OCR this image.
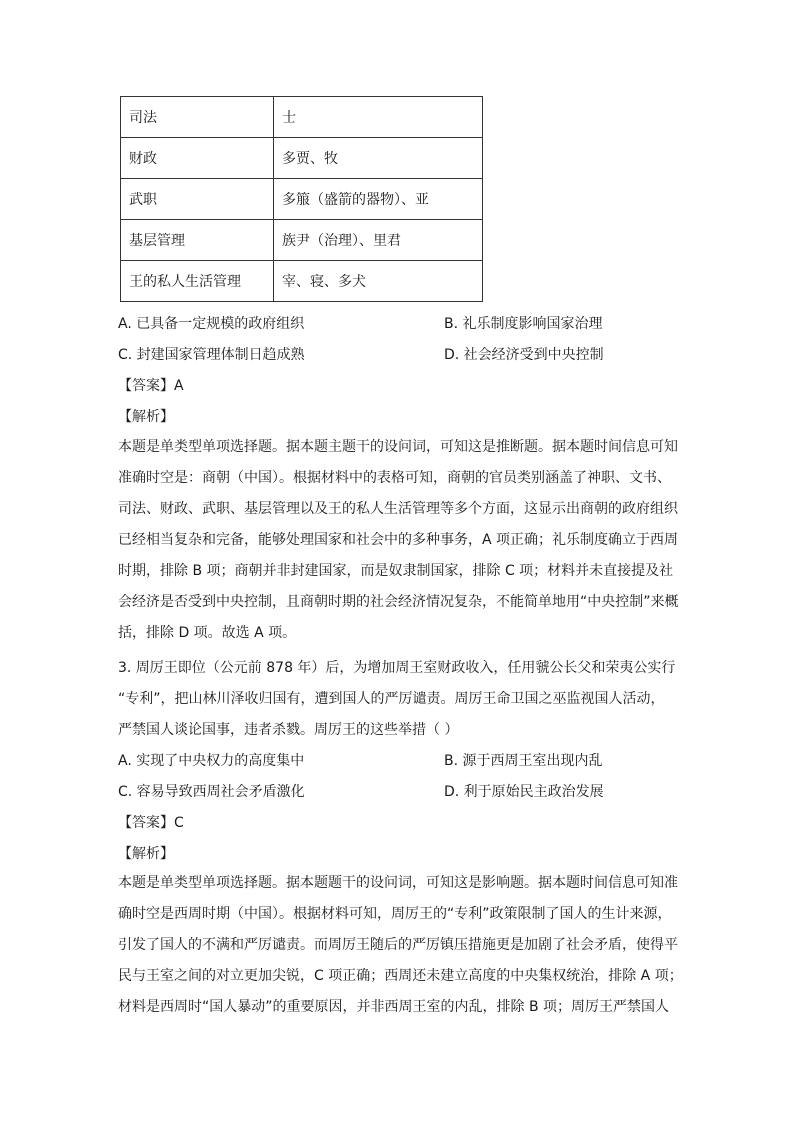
司法	士
财政	多贾、牧
武职	多箙（盛箭的器物）、亚
基层管理	族尹（治理）、里君
王的私人生活管理	宰、寝、多犬
A. 已具备一定规模的政府组织	B. 礼乐制度影响国家治理
C. 封建国家管理体制日趋成熟	D. 社会经济受到中央控制
【答案】A
【解析】
本题是单类型单项选择题。据本题主题干的设问词，可知这是推断题。据本题时间信息可知
准确时空是：商朝（中国）。根据材料中的表格可知，商朝的官员类别涵盖了神职、文书、
司法、财政、武职、基层管理以及王的私人生活管理等多个方面，这显示出商朝的政府组织
已经相当复杂和完备，能够处理国家和社会中的多种事务，A 项正确；礼乐制度确立于西周
时期，排除 B 项；商朝并非封建国家，而是奴隶制国家，排除 C 项；材料并未直接提及社
会经济是否受到中央控制，且商朝时期的社会经济情况复杂，不能简单地用“中央控制”来概
括，排除 D 项。故选 A 项。
3. 周厉王即位（公元前 878 年）后，为增加周王室财政收入，任用虢公长父和荣夷公实行
“专利”，把山林川泽收归国有，遭到国人的严厉谴责。周厉王命卫国之巫监视国人活动，
严禁国人谈论国事，违者杀戮。周厉王的这些举措（ ）
A. 实现了中央权力的高度集中	B. 源于西周王室出现内乱
C. 容易导致西周社会矛盾激化	D. 利于原始民主政治发展
【答案】C
【解析】
本题是单类型单项选择题。据本题题干的设问词，可知这是影响题。据本题时间信息可知准
确时空是西周时期（中国）。根据材料可知，周厉王的“专利”政策限制了国人的生计来源，
引发了国人的不满和严厉谴责。而周厉王随后的严厉镇压措施更是加剧了社会矛盾，使得平
民与王室之间的对立更加尖锐，C 项正确；西周还未建立高度的中央集权统治，排除 A 项；
材料是西周时“国人暴动”的重要原因，并非西周王室的内乱，排除 B 项；周厉王严禁国人
